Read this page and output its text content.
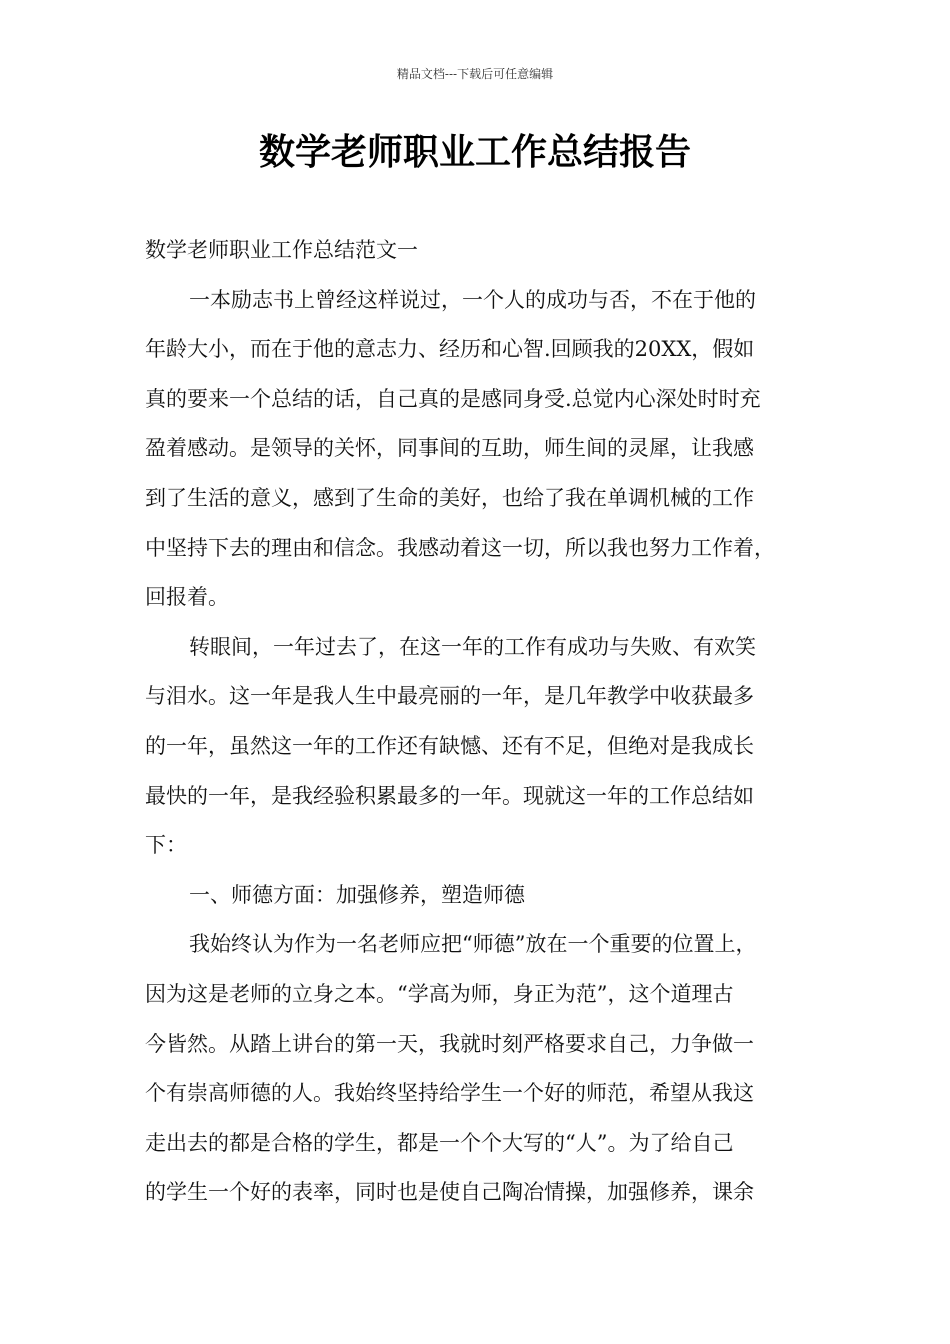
精品文档---下载后可任意编辑
数学老师职业工作总结报告
数学老师职业工作总结范文一
一本励志书上曾经这样说过，一个人的成功与否，不在于他的
年龄大小，而在于他的意志力、经历和心智.回顾我的20XX，假如
真的要来一个总结的话，自己真的是感同身受.总觉内心深处时时充
盈着感动。是领导的关怀，同事间的互助，师生间的灵犀，让我感
到了生活的意义，感到了生命的美好，也给了我在单调机械的工作
中坚持下去的理由和信念。我感动着这一切，所以我也努力工作着，
回报着。
转眼间，一年过去了，在这一年的工作有成功与失败、有欢笑
与泪水。这一年是我人生中最亮丽的一年，是几年教学中收获最多
的一年，虽然这一年的工作还有缺憾、还有不足，但绝对是我成长
最快的一年，是我经验积累最多的一年。现就这一年的工作总结如
下：
一、师德方面：加强修养，塑造师德
我始终认为作为一名老师应把“师德”放在一个重要的位置上，
因为这是老师的立身之本。“学高为师，身正为范”，这个道理古
今皆然。从踏上讲台的第一天，我就时刻严格要求自己，力争做一
个有崇高师德的人。我始终坚持给学生一个好的师范，希望从我这
走出去的都是合格的学生，都是一个个大写的“人”。为了给自己
的学生一个好的表率，同时也是使自己陶冶情操，加强修养，课余
